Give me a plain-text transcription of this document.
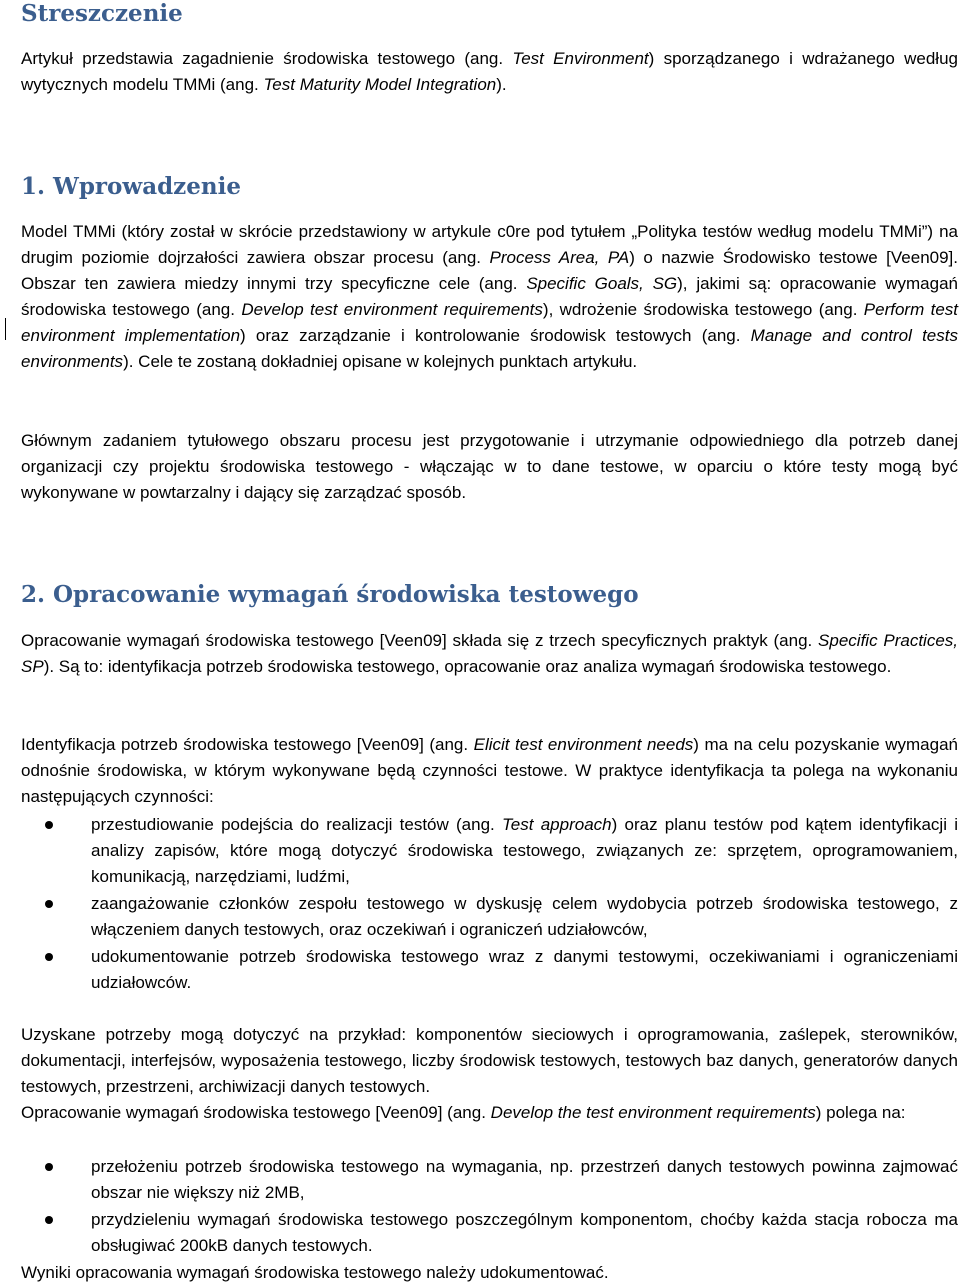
Streszczenie

Artykuł przedstawia zagadnienie środowiska testowego (ang. Test Environment) sporządzanego i wdrażanego według wytycznych modelu TMMi (ang. Test Maturity Model Integration).

1. Wprowadzenie

Model TMMi (który został w skrócie przedstawiony w artykule c0re pod tytułem „Polityka testów według modelu TMMi”) na drugim poziomie dojrzałości zawiera obszar procesu (ang. Process Area, PA) o nazwie Środowisko testowe [Veen09]. Obszar ten zawiera miedzy innymi trzy specyficzne cele (ang. Specific Goals, SG), jakimi są: opracowanie wymagań środowiska testowego (ang. Develop test environment requirements), wdrożenie środowiska testowego (ang. Perform test environment implementation) oraz zarządzanie i kontrolowanie środowisk testowych (ang. Manage and control tests environments). Cele te zostaną dokładniej opisane w kolejnych punktach artykułu.

Głównym zadaniem tytułowego obszaru procesu jest przygotowanie i utrzymanie odpowiedniego dla potrzeb danej organizacji czy projektu środowiska testowego - włączając w to dane testowe, w oparciu o które testy mogą być wykonywane w powtarzalny i dający się zarządzać sposób.

2. Opracowanie wymagań środowiska testowego

Opracowanie wymagań środowiska testowego [Veen09] składa się z trzech specyficznych praktyk (ang. Specific Practices, SP). Są to: identyfikacja potrzeb środowiska testowego, opracowanie oraz analiza wymagań środowiska testowego.

Identyfikacja potrzeb środowiska testowego [Veen09] (ang. Elicit test environment needs) ma na celu pozyskanie wymagań odnośnie środowiska, w którym wykonywane będą czynności testowe. W praktyce identyfikacja ta polega na wykonaniu następujących czynności:

przestudiowanie podejścia do realizacji testów (ang. Test approach) oraz planu testów pod kątem identyfikacji i analizy zapisów, które mogą dotyczyć środowiska testowego, związanych ze: sprzętem, oprogramowaniem, komunikacją, narzędziami, ludźmi,
zaangażowanie członków zespołu testowego w dyskusję celem wydobycia potrzeb środowiska testowego, z włączeniem danych testowych, oraz oczekiwań i ograniczeń udziałowców,
udokumentowanie potrzeb środowiska testowego wraz z danymi testowymi, oczekiwaniami i ograniczeniami udziałowców.

Uzyskane potrzeby mogą dotyczyć na przykład: komponentów sieciowych i oprogramowania, zaślepek, sterowników, dokumentacji, interfejsów, wyposażenia testowego, liczby środowisk testowych, testowych baz danych, generatorów danych testowych, przestrzeni, archiwizacji danych testowych.

Opracowanie wymagań środowiska testowego [Veen09] (ang. Develop the test environment requirements) polega na:

przełożeniu potrzeb środowiska testowego na wymagania, np. przestrzeń danych testowych powinna zajmować obszar nie większy niż 2MB,
przydzieleniu wymagań środowiska testowego poszczególnym komponentom, choćby każda stacja robocza ma obsługiwać 200kB danych testowych.

Wyniki opracowania wymagań środowiska testowego należy udokumentować.
